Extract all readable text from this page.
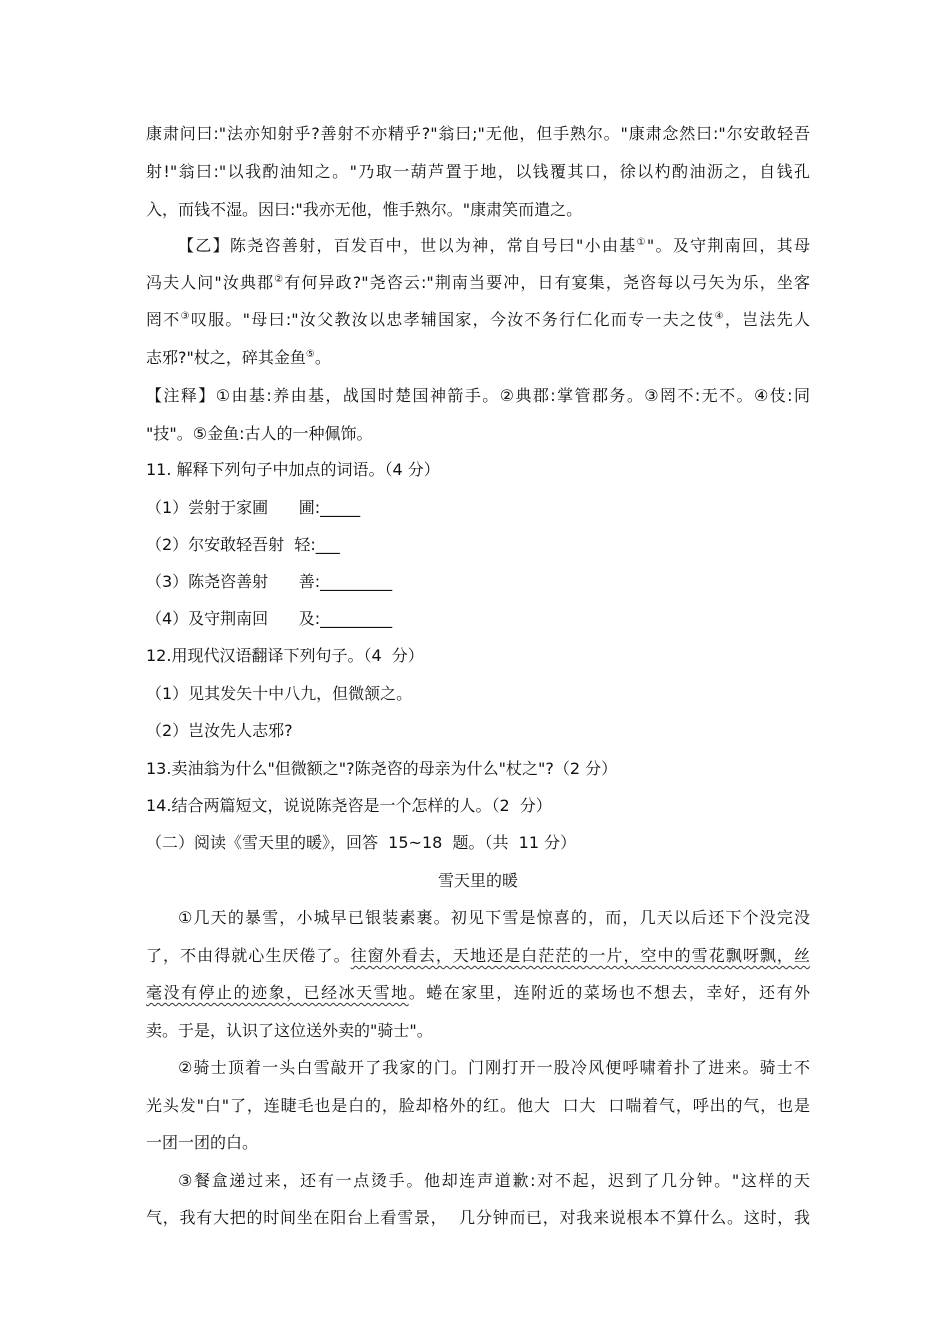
康肃问曰:"法亦知射乎?善射不亦精乎?"翁曰;"无他，但手熟尔。"康肃念然曰:"尔安敢轻吾
射!"翁曰:"以我酌油知之。"乃取一葫芦置于地，以钱覆其口，徐以杓酌油沥之，自钱孔
入，而钱不湿。因曰:"我亦无他，惟手熟尔。"康肃笑而遣之。
【乙】陈尧咨善射，百发百中，世以为神，常自号曰"小由基①"。及守荆南回，其母
冯夫人问"汝典郡②有何异政?"尧咨云:"荆南当要冲，日有宴集，尧咨每以弓矢为乐，坐客
罔不③叹服。"母曰:"汝父教汝以忠孝辅国家，今汝不务行仁化而专一夫之伎④，岂法先人
志邪?"杖之，碎其金鱼⑤。
【注释】①由基:养由基，战国时楚国神箭手。②典郡:掌管郡务。③罔不:无不。④伎:同
"技"。⑤金鱼:古人的一种佩饰。
11. 解释下列句子中加点的词语。（4 分）
（1）尝射于家圃      圃:_____
（2）尔安敢轻吾射  轻:___
（3）陈尧咨善射      善:_________
（4）及守荆南回      及:_________
12.用现代汉语翻译下列句子。（4  分）
（1）见其发矢十中八九，但微颔之。
（2）岂汝先人志邪?
13.卖油翁为什么"但微额之"?陈尧咨的母亲为什么"杖之"?（2 分）
14.结合两篇短文，说说陈尧咨是一个怎样的人。（2  分）
（二）阅读《雪天里的暖》，回答  15~18  题。（共  11 分）
雪天里的暖
①几天的暴雪，小城早已银装素裹。初见下雪是惊喜的，而，几天以后还下个没完没
了，不由得就心生厌倦了。往窗外看去，天地还是白茫茫的一片，空中的雪花飘呀飘，丝
毫没有停止的迹象，已经冰天雪地。蜷在家里，连附近的菜场也不想去，幸好，还有外
卖。于是，认识了这位送外卖的"骑士"。
②骑士顶着一头白雪敲开了我家的门。门刚打开一股冷风便呼啸着扑了进来。骑士不
光头发"白"了，连睫毛也是白的，脸却格外的红。他大  口大  口喘着气，呼出的气，也是
一团一团的白。
③餐盒递过来，还有一点烫手。他却连声道歉:对不起，迟到了几分钟。"这样的天
气，我有大把的时间坐在阳台上看雪景，  几分钟而已，对我来说根本不算什么。这时，我
